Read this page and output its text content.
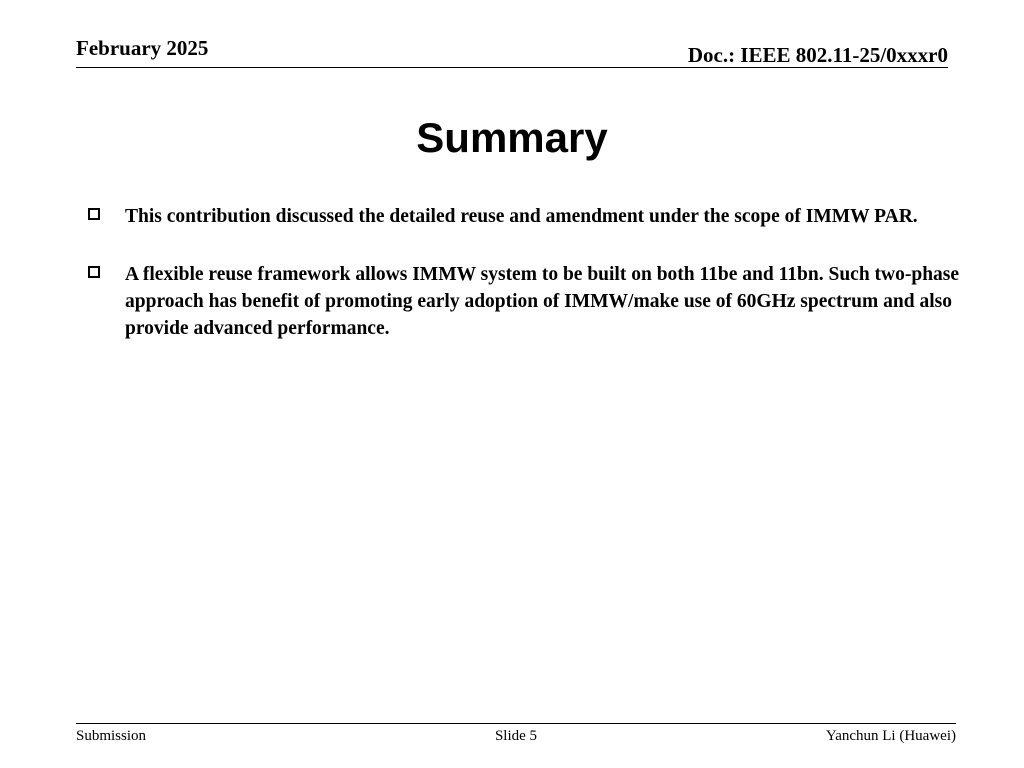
February 2025	Doc.: IEEE 802.11-25/0xxxr0
Summary
This contribution discussed the detailed reuse and amendment under the scope of IMMW PAR.
A flexible reuse framework allows IMMW system to be built on both 11be and 11bn. Such two-phase approach has benefit of promoting early adoption of IMMW/make use of 60GHz spectrum and also provide advanced performance.
Submission	Slide 5	Yanchun Li (Huawei)
